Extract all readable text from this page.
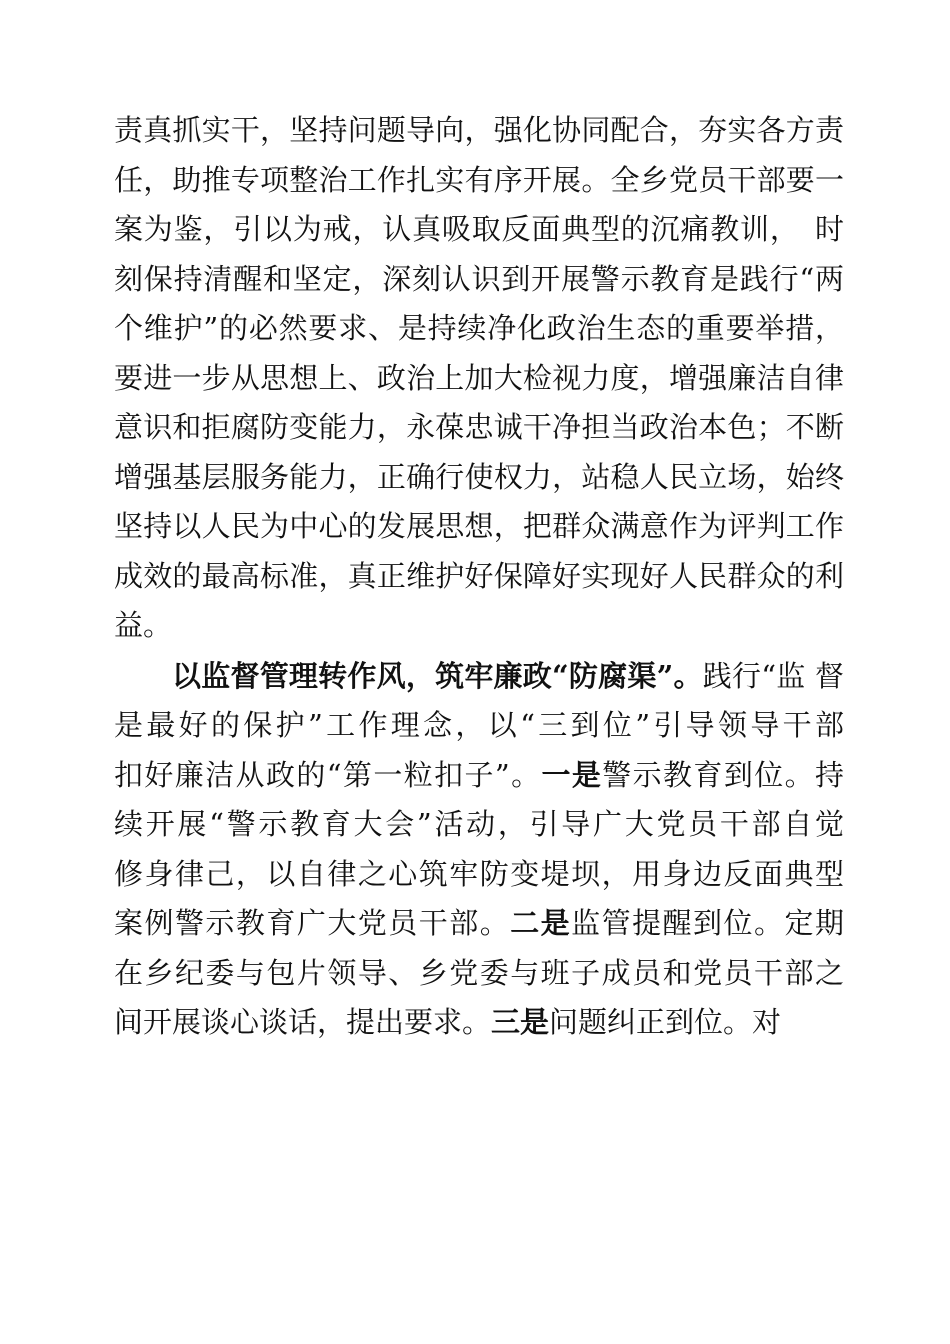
责真抓实干，坚持问题导向，强化协同配合，夯实各方责
任，助推专项整治工作扎实有序开展。全乡党员干部要一
案为鉴，引以为戒，认真吸取反面典型的沉痛教训，　时
刻保持清醒和坚定，深刻认识到开展警示教育是践行“两
个维护”的必然要求、是持续净化政治生态的重要举措，
要进一步从思想上、政治上加大检视力度，增强廉洁自律
意识和拒腐防变能力，永葆忠诚干净担当政治本色；不断
增强基层服务能力，正确行使权力，站稳人民立场，始终
坚持以人民为中心的发展思想，把群众满意作为评判工作
成效的最高标准，真正维护好保障好实现好人民群众的利
益。
以监督管理转作风，筑牢廉政“防腐渠”。践行“监 督
是最好的保护”工作理念，以“三到位”引导领导干部
扣好廉洁从政的“第一粒扣子”。一是警示教育到位。持
续开展“警示教育大会”活动，引导广大党员干部自觉
修身律己，以自律之心筑牢防变堤坝，用身边反面典型
案例警示教育广大党员干部。二是监管提醒到位。定期
在乡纪委与包片领导、乡党委与班子成员和党员干部之
间开展谈心谈话，提出要求。三是问题纠正到位。对
